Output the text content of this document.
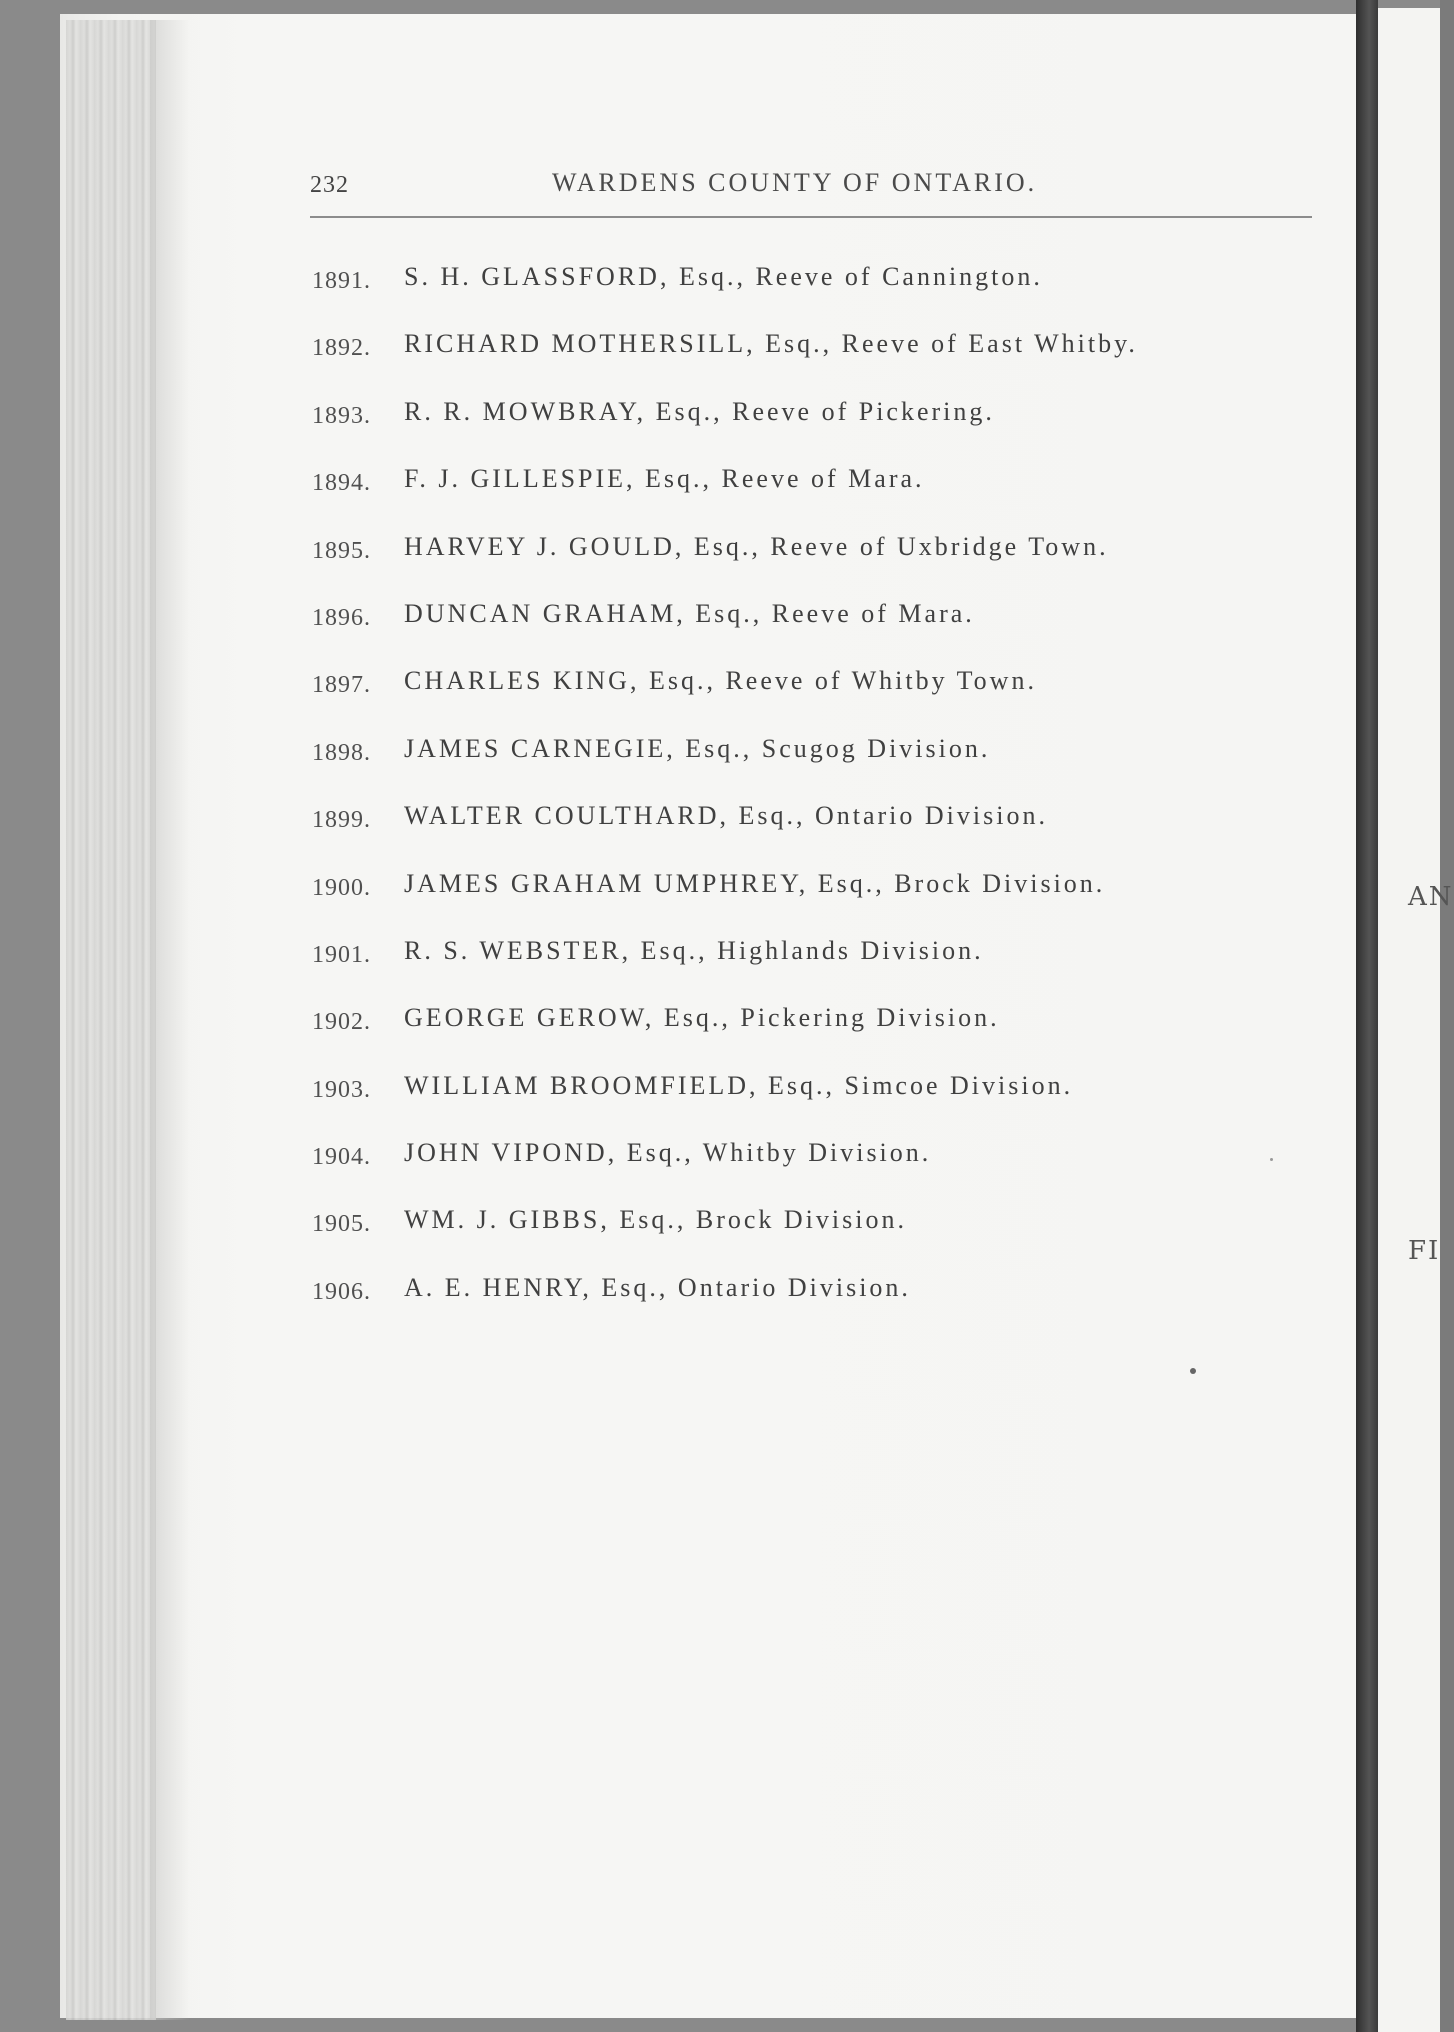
232	WARDENS COUNTY OF ONTARIO.
1891. S. H. GLASSFORD, Esq., Reeve of Cannington.
1892. RICHARD MOTHERSILL, Esq., Reeve of East Whitby.
1893. R. R. MOWBRAY, Esq., Reeve of Pickering.
1894. F. J. GILLESPIE, Esq., Reeve of Mara.
1895. HARVEY J. GOULD, Esq., Reeve of Uxbridge Town.
1896. DUNCAN GRAHAM, Esq., Reeve of Mara.
1897. CHARLES KING, Esq., Reeve of Whitby Town.
1898. JAMES CARNEGIE, Esq., Scugog Division.
1899. WALTER COULTHARD, Esq., Ontario Division.
1900. JAMES GRAHAM UMPHREY, Esq., Brock Division.
1901. R. S. WEBSTER, Esq., Highlands Division.
1902. GEORGE GEROW, Esq., Pickering Division.
1903. WILLIAM BROOMFIELD, Esq., Simcoe Division.
1904. JOHN VIPOND, Esq., Whitby Division.
1905. WM. J. GIBBS, Esq., Brock Division.
1906. A. E. HENRY, Esq., Ontario Division.
AN
FI
